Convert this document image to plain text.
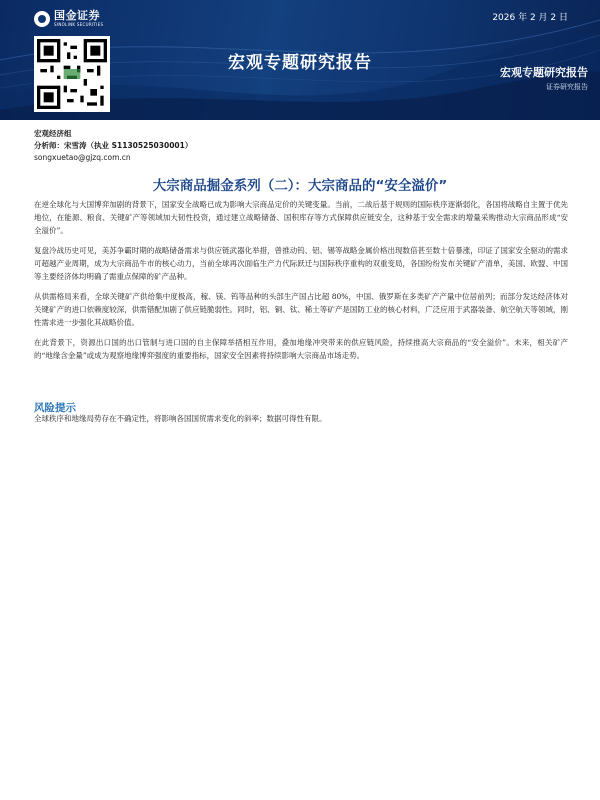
国金证券
SINOLINK SECURITIES
2026 年 2 月 2 日
宏观专题研究报告	宏观专题研究报告
证券研究报告
宏观经济组
分析师：宋雪涛（执业 S1130525030001）
songxuetao@gjzq.com.cn
大宗商品掘金系列（二）：大宗商品的“安全溢价”

在逆全球化与大国博弈加剧的背景下，国家安全战略已成为影响大宗商品定价的关键变量。当前，二战后基于规则的国际秩序逐渐弱化，各国将战略自主置于优先地位，在能源、粮食、关键矿产等领域加大韧性投资，通过建立战略储备、国积库存等方式保障供应链安全，这种基于安全需求的增量采购推动大宗商品形成“安全溢价”。

复盘冷战历史可见，美苏争霸时期的战略储备需求与供应链武器化举措，曾推动钨、铝、锡等战略金属价格出现数倍甚至数十倍暴涨，印证了国家安全驱动的需求可超越产业周期，成为大宗商品牛市的核心动力，当前全球再次面临生产力代际跃迁与国际秩序重构的双重变局，各国纷纷发布关键矿产清单，美国、欧盟、中国等主要经济体均明确了需重点保障的矿产品种。

从供需格局来看，全球关键矿产供给集中度极高，稼、镁、钨等品种的头部生产国占比超 80%，中国、俄罗斯在多类矿产产量中位居前列；而部分发达经济体对关键矿产的进口依赖度较深，供需错配加剧了供应链脆弱性。同时，铝、铜、钛、稀土等矿产是国防工业的核心材料，广泛应用于武器装备、航空航天等领域，刚性需求进一步强化其战略价值。

在此背景下，资源出口国的出口管制与进口国的自主保障举措相互作用，叠加地缘冲突带来的供应链风险，持续推高大宗商品的“安全溢价”。未来，相关矿产的“地缘含金量”或成为观察地缘博弈强度的重要指标，国家安全因素将持续影响大宗商品市场走势。

风险提示
全球秩序和地缘局势存在不确定性，将影响各国国贸需求变化的斜率；数据可得性有限。
